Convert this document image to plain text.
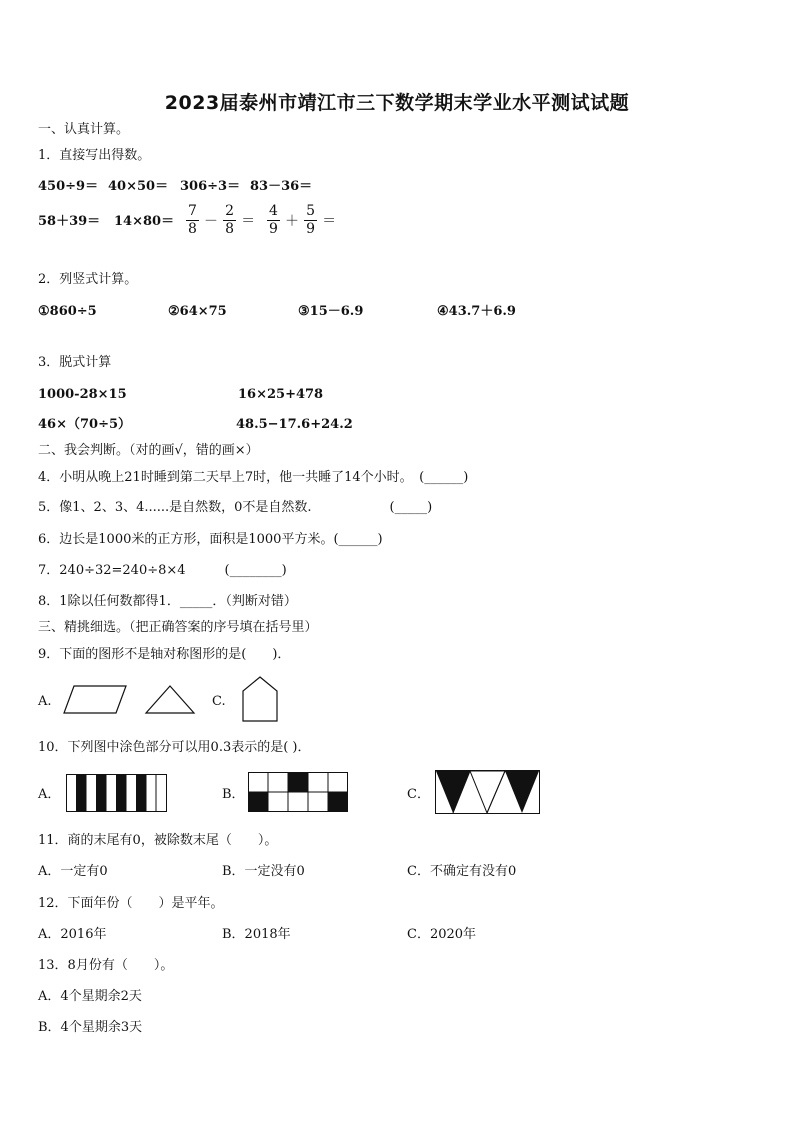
2023届泰州市靖江市三下数学期末学业水平测试试题
一、认真计算。
1．直接写出得数。
450÷9＝ 40×50＝ 306÷3＝ 83－36＝
$58+39= 14\times 80= \frac{7}{8} - \frac{2}{8} = \frac{4}{9} + \frac{5}{9}$ ＝
2．列竖式计算。
①860÷5	②64×75	③15－6.9	④43.7＋6.9
3．脱式计算
1000-28×15	16×25+478
46×（70÷5）	48.5−17.6+24.2
二、我会判断。（对的画√，错的画×）
4．小明从晚上21时睡到第二天早上7时，他一共睡了14个小时。　(______)
5．像1、2、3、4......是自然数，0不是自然数.　　　　　　(_____)
6．边长是1000米的正方形，面积是1000平方米。(______)
7．240÷32=240÷8×4　　　(________)
8．1除以任何数都得1．_____．（判断对错）
三、精挑细选。（把正确答案的序号填在括号里）
9．下面的图形不是轴对称图形的是(　　)．
A.	C.
10．下列图中涂色部分可以用0.3表示的是( )．
A．	B．	C．
11．商的末尾有0，被除数末尾（　　）。
A．一定有0	B．一定没有0	C．不确定有没有0
12．下面年份（　　）是平年。
A．2016年	B．2018年	C．2020年
13．8月份有（　　）。
A．4个星期余2天
B．4个星期余3天
